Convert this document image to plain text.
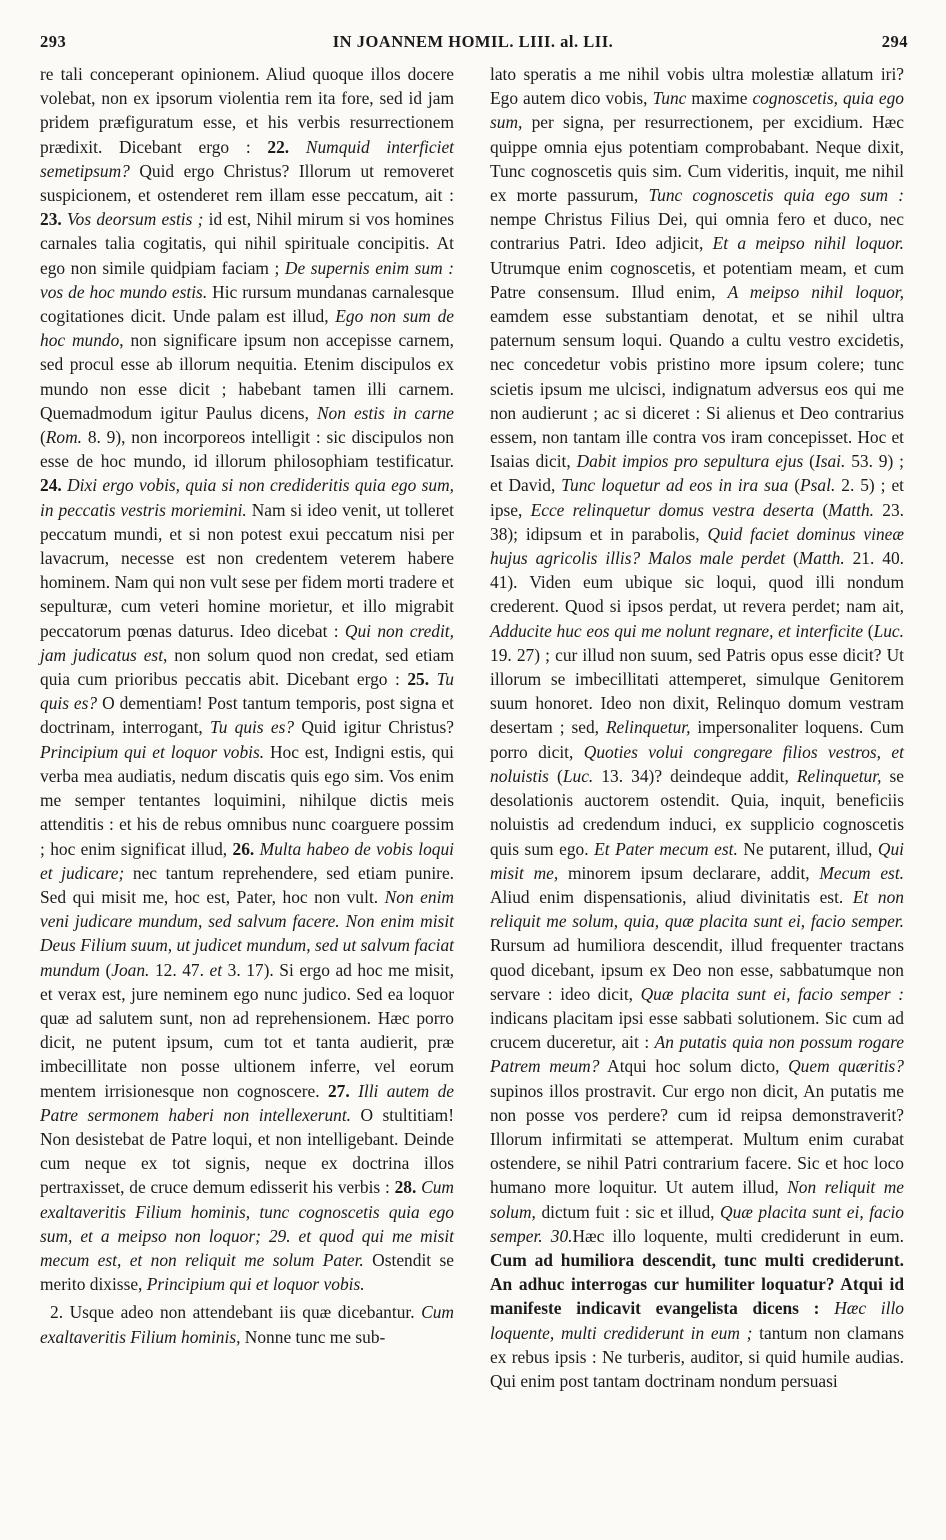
293	IN JOANNEM HOMIL. LIII. al. LII.	294

re tali conceperant opinionem. Aliud quoque illos docere volebat, non ex ipsorum violentia rem ita fore, sed id jam pridem præfiguratum esse, et his verbis resurrectionem prædixit. Dicebant ergo : 22. Numquid interficiet semetipsum? Quid ergo Christus? Illorum ut removeret suspicionem, et ostenderet rem illam esse peccatum, ait : 23. Vos deorsum estis ; id est, Nihil mirum si vos homines carnales talia cogitatis, qui nihil spirituale concipitis. At ego non simile quidpiam faciam ; De supernis enim sum : vos de hoc mundo estis. Hic rursum mundanas carnalesque cogitationes dicit. Unde palam est illud, Ego non sum de hoc mundo, non significare ipsum non accepisse carnem, sed procul esse ab illorum nequitia. Etenim discipulos ex mundo non esse dicit ; habebant tamen illi carnem. Quemadmodum igitur Paulus dicens, Non estis in carne (Rom. 8. 9), non incorporeos intelligit : sic discipulos non esse de hoc mundo, id illorum philosophiam testificatur. 24. Dixi ergo vobis, quia si non credideritis quia ego sum, in peccatis vestris moriemini. Nam si ideo venit, ut tolleret peccatum mundi, et si non potest exui peccatum nisi per lavacrum, necesse est non credentem veterem habere hominem. Nam qui non vult sese per fidem morti tradere et sepulturæ, cum veteri homine morietur, et illo migrabit peccatorum pœnas daturus. Ideo dicebat : Qui non credit, jam judicatus est, non solum quod non credat, sed etiam quia cum prioribus peccatis abit. Dicebant ergo : 25. Tu quis es? O dementiam! Post tantum temporis, post signa et doctrinam, interrogant, Tu quis es? Quid igitur Christus? Principium qui et loquor vobis. Hoc est, Indigni estis, qui verba mea audiatis, nedum discatis quis ego sim. Vos enim me semper tentantes loquimini, nihilque dictis meis attenditis : et his de rebus omnibus nunc coarguere possim ; hoc enim significat illud, 26. Multa habeo de vobis loqui et judicare; nec tantum reprehendere, sed etiam punire. Sed qui misit me, hoc est, Pater, hoc non vult. Non enim veni judicare mundum, sed salvum facere. Non enim misit Deus Filium suum, ut judicet mundum, sed ut salvum faciat mundum (Joan. 12. 47. et 3. 17). Si ergo ad hoc me misit, et verax est, jure neminem ego nunc judico. Sed ea loquor quæ ad salutem sunt, non ad reprehensionem. Hæc porro dicit, ne putent ipsum, cum tot et tanta audierit, præ imbecillitate non posse ultionem inferre, vel eorum mentem irrisionesque non cognoscere. 27. Illi autem de Patre sermonem haberi non intellexerunt. O stultitiam! Non desistebat de Patre loqui, et non intelligebant. Deinde cum neque ex tot signis, neque ex doctrina illos pertraxisset, de cruce demum edisserit his verbis : 28. Cum exaltaveritis Filium hominis, tunc cognoscetis quia ego sum, et a meipso non loquor; 29. et quod qui me misit mecum est, et non reliquit me solum Pater. Ostendit se merito dixisse, Principium qui et loquor vobis.

2. Usque adeo non attendebant iis quæ dicebantur. Cum exaltaveritis Filium hominis, Nonne tunc me sub-

lato speratis a me nihil vobis ultra molestiæ allatum iri? Ego autem dico vobis, Tunc maxime cognoscetis, quia ego sum, per signa, per resurrectionem, per excidium. Hæc quippe omnia ejus potentiam comprobabant. Neque dixit, Tunc cognoscetis quis sim. Cum videritis, inquit, me nihil ex morte passurum, Tunc cognoscetis quia ego sum : nempe Christus Filius Dei, qui omnia fero et duco, nec contrarius Patri. Ideo adjicit, Et a meipso nihil loquor. Utrumque enim cognoscetis, et potentiam meam, et cum Patre consensum. Illud enim, A meipso nihil loquor, eamdem esse substantiam denotat, et se nihil ultra paternum sensum loqui. Quando a cultu vestro excidetis, nec concedetur vobis pristino more ipsum colere; tunc scietis ipsum me ulcisci, indignatum adversus eos qui me non audierunt ; ac si diceret : Si alienus et Deo contrarius essem, non tantam ille contra vos iram concepisset. Hoc et Isaias dicit, Dabit impios pro sepultura ejus (Isai. 53. 9) ; et David, Tunc loquetur ad eos in ira sua (Psal. 2. 5) ; et ipse, Ecce relinquetur domus vestra deserta (Matth. 23. 38); idipsum et in parabolis, Quid faciet dominus vineæ hujus agricolis illis? Malos male perdet (Matth. 21. 40. 41). Viden eum ubique sic loqui, quod illi nondum crederent. Quod si ipsos perdat, ut revera perdet; nam ait, Adducite huc eos qui me nolunt regnare, et interficite (Luc. 19. 27) ; cur illud non suum, sed Patris opus esse dicit? Ut illorum se imbecillitati attemperet, simulque Genitorem suum honoret. Ideo non dixit, Relinquo domum vestram desertam ; sed, Relinquetur, impersonaliter loquens. Cum porro dicit, Quoties volui congregare filios vestros, et noluistis (Luc. 13. 34)? deindeque addit, Relinquetur, se desolationis auctorem ostendit. Quia, inquit, beneficiis noluistis ad credendum induci, ex supplicio cognoscetis quis sum ego. Et Pater mecum est. Ne putarent, illud, Qui misit me, minorem ipsum declarare, addit, Mecum est. Aliud enim dispensationis, aliud divinitatis est. Et non reliquit me solum, quia, quæ placita sunt ei, facio semper. Rursum ad humiliora descendit, illud frequenter tractans quod dicebant, ipsum ex Deo non esse, sabbatumque non servare : ideo dicit, Quæ placita sunt ei, facio semper : indicans placitam ipsi esse sabbati solutionem. Sic cum ad crucem duceretur, ait : An putatis quia non possum rogare Patrem meum? Atqui hoc solum dicto, Quem quæritis? supinos illos prostravit. Cur ergo non dicit, An putatis me non posse vos perdere? cum id reipsa demonstraverit? Illorum infirmitati se attemperat. Multum enim curabat ostendere, se nihil Patri contrarium facere. Sic et hoc loco humano more loquitur. Ut autem illud, Non reliquit me solum, dictum fuit : sic et illud, Quæ placita sunt ei, facio semper. 30.Hæc illo loquente, multi crediderunt in eum. Cum ad humiliora descendit, tunc multi crediderunt. An adhuc interrogas cur humiliter loquatur? Atqui id manifeste indicavit evangelista dicens : Hæc illo loquente, multi crediderunt in eum ; tantum non clamans ex rebus ipsis : Ne turberis, auditor, si quid humile audias. Qui enim post tantam doctrinam nondum persuasi
